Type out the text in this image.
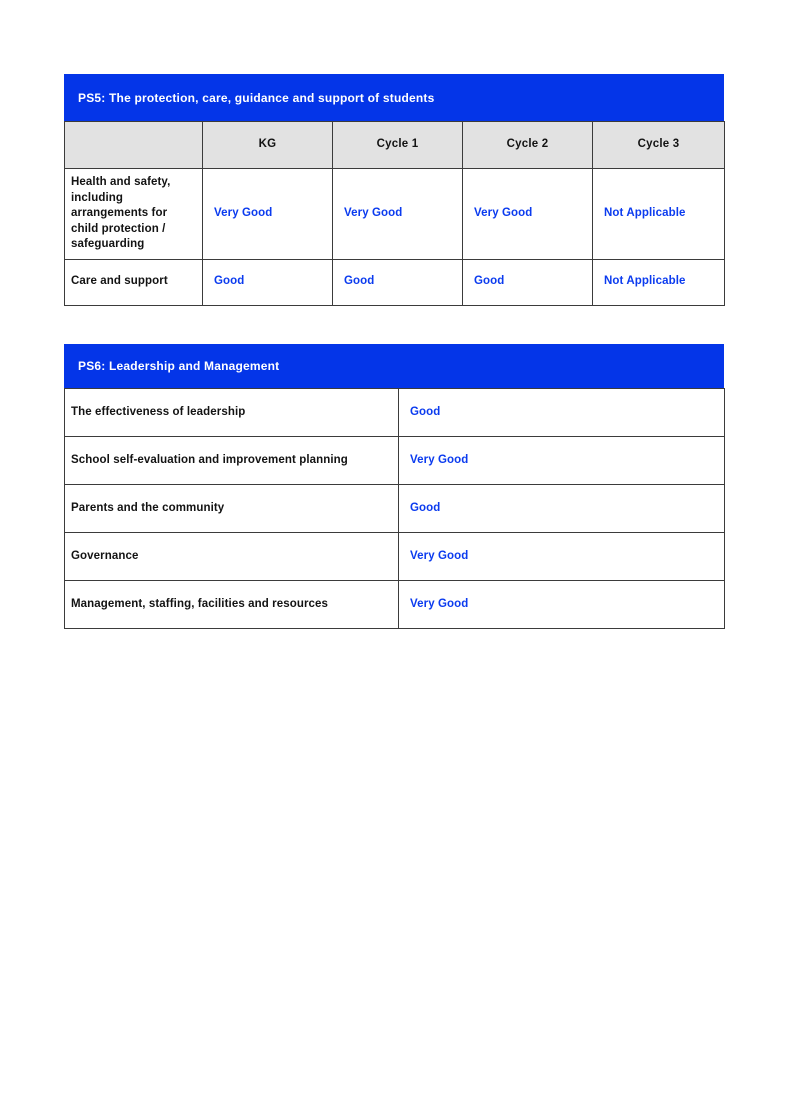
PS5: The protection, care, guidance and support of students
	KG	Cycle 1	Cycle 2	Cycle 3
Health and safety, including arrangements for child protection / safeguarding	Very Good	Very Good	Very Good	Not Applicable
Care and support	Good	Good	Good	Not Applicable
PS6: Leadership and Management
The effectiveness of leadership	Good
School self-evaluation and improvement planning	Very Good
Parents and the community	Good
Governance	Very Good
Management, staffing, facilities and resources	Very Good
